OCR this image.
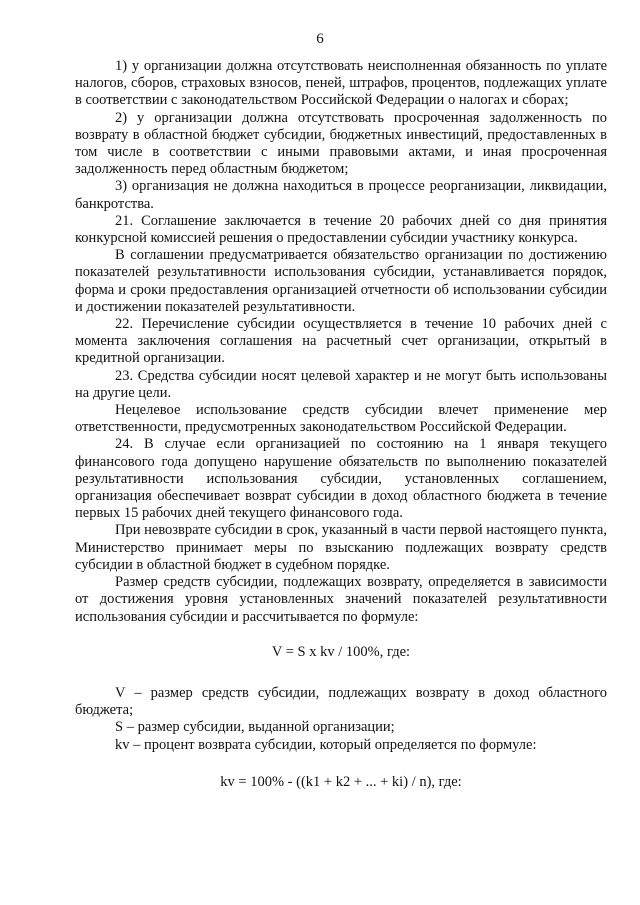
6

1) у организации должна отсутствовать неисполненная обязанность по уплате налогов, сборов, страховых взносов, пеней, штрафов, процентов, подлежащих уплате в соответствии с законодательством Российской Федерации о налогах и сборах;

2) у организации должна отсутствовать просроченная задолженность по возврату в областной бюджет субсидии, бюджетных инвестиций, предоставленных в том числе в соответствии с иными правовыми актами, и иная просроченная задолженность перед областным бюджетом;

3) организация не должна находиться в процессе реорганизации, ликвидации, банкротства.

21. Соглашение заключается в течение 20 рабочих дней со дня принятия конкурсной комиссией решения о предоставлении субсидии участнику конкурса.

В соглашении предусматривается обязательство организации по достижению показателей результативности использования субсидии, устанавливается порядок, форма и сроки предоставления организацией отчетности об использовании субсидии и достижении показателей результативности.

22. Перечисление субсидии осуществляется в течение 10 рабочих дней с момента заключения соглашения на расчетный счет организации, открытый в кредитной организации.

23. Средства субсидии носят целевой характер и не могут быть использованы на другие цели.

Нецелевое использование средств субсидии влечет применение мер ответственности, предусмотренных законодательством Российской Федерации.

24. В случае если организацией по состоянию на 1 января текущего финансового года допущено нарушение обязательств по выполнению показателей результативности использования субсидии, установленных соглашением, организация обеспечивает возврат субсидии в доход областного бюджета в течение первых 15 рабочих дней текущего финансового года.

При невозврате субсидии в срок, указанный в части первой настоящего пункта, Министерство принимает меры по взысканию подлежащих возврату средств субсидии в областной бюджет в судебном порядке.

Размер средств субсидии, подлежащих возврату, определяется в зависимости от достижения уровня установленных значений показателей результативности использования субсидии и рассчитывается по формуле:

V = S x kv / 100%, где:

V – размер средств субсидии, подлежащих возврату в доход областного бюджета;

S – размер субсидии, выданной организации;

kv – процент возврата субсидии, который определяется по формуле:

kv = 100% - ((k1 + k2 + ... + ki) / n), где:
